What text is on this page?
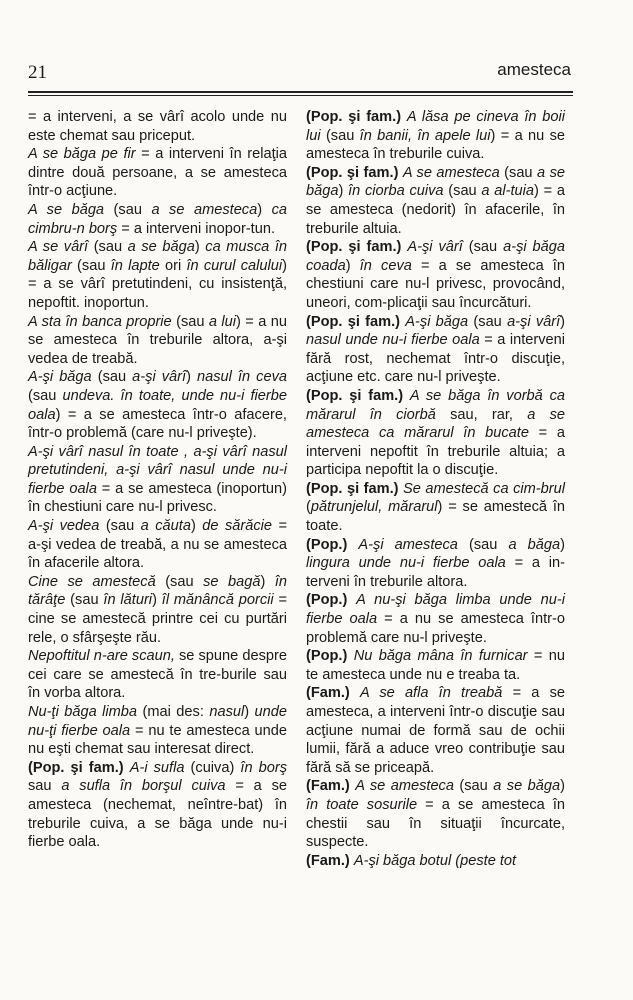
21	amesteca

= a interveni, a se vârî acolo unde nu este chemat sau priceput.

A se băga pe fir = a interveni în relaţia dintre două persoane, a se amesteca într-o acţiune.

A se băga (sau a se amesteca) ca cimbru-n borş = a interveni inopor-tun.

A se vârî (sau a se băga) ca musca în băligar (sau în lapte ori în curul calului) = a se vârî pretutindeni, cu insistenţă, nepoftit. inoportun.

A sta în banca proprie (sau a lui) = a nu se amesteca în treburile altora, a-şi vedea de treabă.

A-şi băga (sau a-şi vârî) nasul în ceva (sau undeva. în toate, unde nu-i fierbe oala) = a se amesteca într-o afacere, într-o problemă (care nu-l priveşte).

A-şi vârî nasul în toate , a-şi vârî nasul pretutindeni, a-şi vârî nasul unde nu-i fierbe oala = a se amesteca (inoportun) în chestiuni care nu-l privesc.

A-şi vedea (sau a căuta) de sărăcie = a-şi vedea de treabă, a nu se amesteca în afacerile altora.

Cine se amestecă (sau se bagă) în tărâţe (sau în lături) îl mănâncă porcii = cine se amestecă printre cei cu purtări rele, o sfârşeşte rău.

Nepoftitul n-are scaun, se spune despre cei care se amestecă în tre-burile sau în vorba altora.

Nu-ţi băga limba (mai des: nasul) unde nu-ţi fierbe oala = nu te amesteca unde nu eşti chemat sau interesat direct.

(Pop. şi fam.) A-i sufla (cuiva) în borş sau a sufla în borşul cuiva = a se amesteca (nechemat, neîntre-bat) în treburile cuiva, a se băga unde nu-i fierbe oala.

(Pop. şi fam.) A lăsa pe cineva în boii lui (sau în banii, în apele lui) = a nu se amesteca în treburile cuiva.

(Pop. şi fam.) A se amesteca (sau a se băga) în ciorba cuiva (sau a al-tuia) = a se amesteca (nedorit) în afacerile, în treburile altuia.

(Pop. şi fam.) A-şi vârî (sau a-şi băga coada) în ceva = a se amesteca în chestiuni care nu-l privesc, provocând, uneori, com-plicaţii sau încurcături.

(Pop. şi fam.) A-şi băga (sau a-şi vârî) nasul unde nu-i fierbe oala = a interveni fără rost, nechemat într-o discuţie, acţiune etc. care nu-l priveşte.

(Pop. şi fam.) A se băga în vorbă ca mărarul în ciorbă sau, rar, a se amesteca ca mărarul în bucate = a interveni nepoftit în treburile altuia; a participa nepoftit la o discuţie.

(Pop. şi fam.) Se amestecă ca cim-brul (pătrunjelul, mărarul) = se amestecă în toate.

(Pop.) A-şi amesteca (sau a băga) lingura unde nu-i fierbe oala = a in-terveni în treburile altora.

(Pop.) A nu-şi băga limba unde nu-i fierbe oala = a nu se amesteca într-o problemă care nu-l priveşte.

(Pop.) Nu băga mâna în furnicar = nu te amesteca unde nu e treaba ta.

(Fam.) A se afla în treabă = a se amesteca, a interveni într-o discuţie sau acţiune numai de formă sau de ochii lumii, fără a aduce vreo contribuţie sau fără să se priceapă.

(Fam.) A se amesteca (sau a se băga) în toate sosurile = a se amesteca în chestii sau în situaţii încurcate, suspecte.

(Fam.) A-şi băga botul (peste tot
